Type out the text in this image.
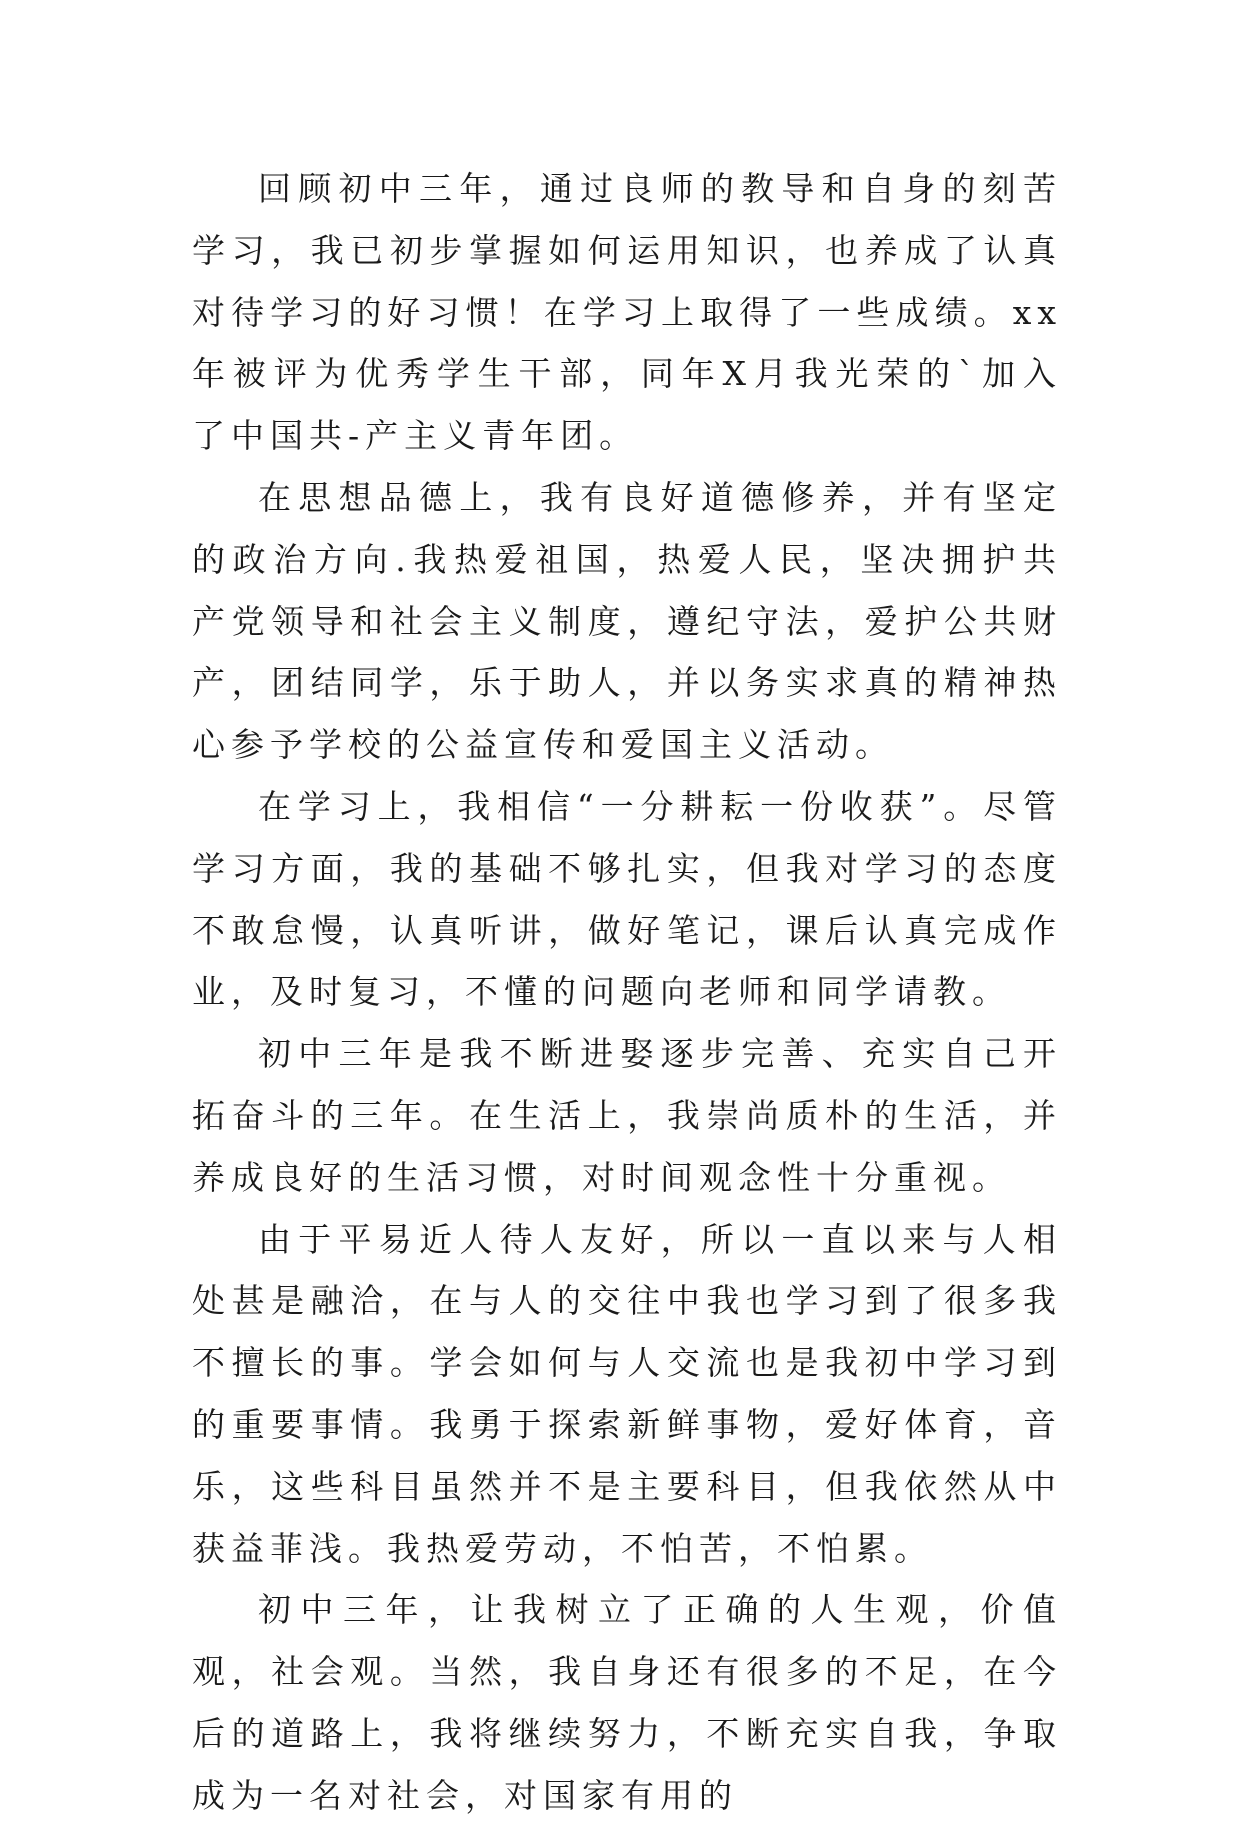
回顾初中三年，通过良师的教导和自身的刻苦学习，我已初步掌握如何运用知识，也养成了认真对待学习的好习惯！在学习上取得了一些成绩。xx年被评为优秀学生干部，同年X月我光荣的`加入了中国共-产主义青年团。

在思想品德上，我有良好道德修养，并有坚定的政治方向.我热爱祖国，热爱人民，坚决拥护共产党领导和社会主义制度，遵纪守法，爱护公共财产，团结同学，乐于助人，并以务实求真的精神热心参予学校的公益宣传和爱国主义活动。

在学习上，我相信“一分耕耘一份收获”。尽管学习方面，我的基础不够扎实，但我对学习的态度不敢怠慢，认真听讲，做好笔记，课后认真完成作业，及时复习，不懂的问题向老师和同学请教。

初中三年是我不断进娶逐步完善、充实自己开拓奋斗的三年。在生活上，我崇尚质朴的生活，并养成良好的生活习惯，对时间观念性十分重视。

由于平易近人待人友好，所以一直以来与人相处甚是融洽，在与人的交往中我也学习到了很多我不擅长的事。学会如何与人交流也是我初中学习到的重要事情。我勇于探索新鲜事物，爱好体育，音乐，这些科目虽然并不是主要科目，但我依然从中获益菲浅。我热爱劳动，不怕苦，不怕累。

初中三年，让我树立了正确的人生观，价值观，社会观。当然，我自身还有很多的不足，在今后的道路上，我将继续努力，不断充实自我，争取成为一名对社会，对国家有用的
